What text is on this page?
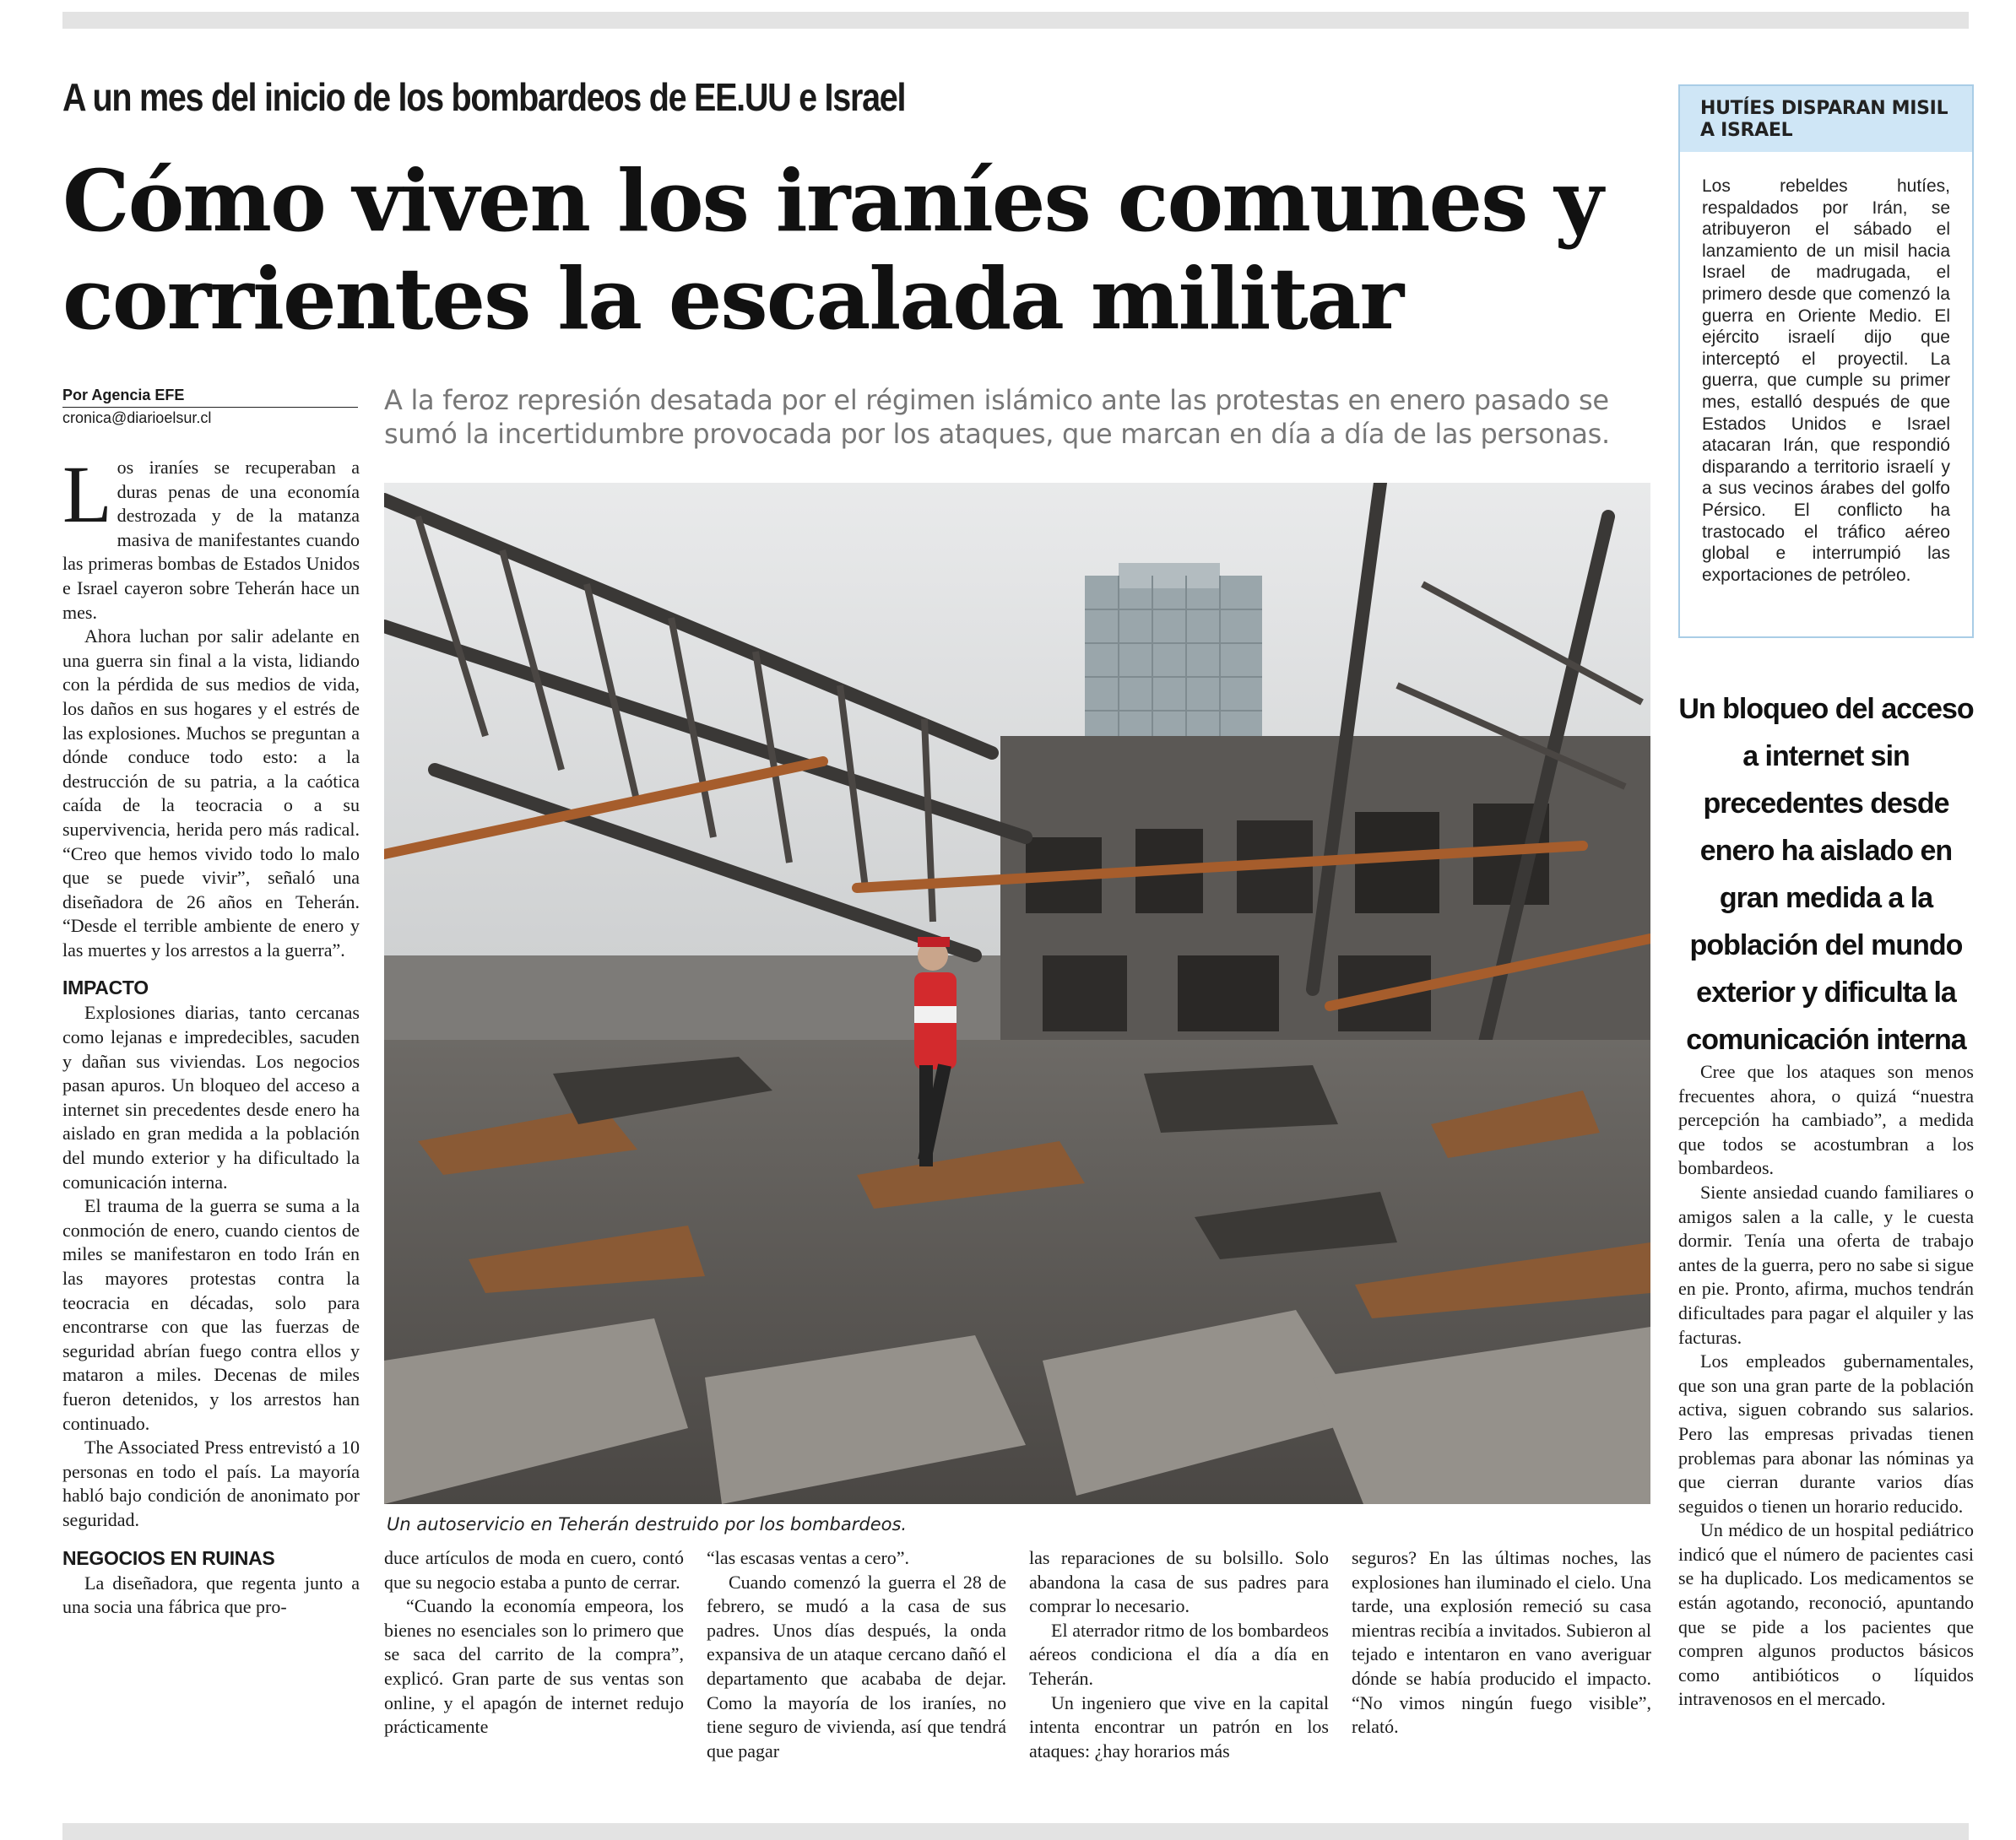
A un mes del inicio de los bombardeos de EE.UU e Israel
Cómo viven los iraníes comunes y
corrientes la escalada militar
Por Agencia EFE
cronica@diarioelsur.cl
A la feroz represión desatada por el régimen islámico ante las protestas en enero pasado se sumó la incertidumbre provocada por los ataques, que marcan en día a día de las personas.

Los iraníes se recuperaban a duras penas de una economía destrozada y de la matanza masiva de manifestantes cuando las primeras bombas de Estados Unidos e Israel cayeron sobre Teherán hace un mes.

Ahora luchan por salir adelante en una guerra sin final a la vista, lidiando con la pérdida de sus medios de vida, los daños en sus hogares y el estrés de las explosiones. Muchos se preguntan a dónde conduce todo esto: a la destrucción de su patria, a la caótica caída de la teocracia o a su supervivencia, herida pero más radical. “Creo que hemos vivido todo lo malo que se puede vivir”, señaló una diseñadora de 26 años en Teherán. “Desde el terrible ambiente de enero y las muertes y los arrestos a la guerra”.

IMPACTO

Explosiones diarias, tanto cercanas como lejanas e impredecibles, sacuden y dañan sus viviendas. Los negocios pasan apuros. Un bloqueo del acceso a internet sin precedentes desde enero ha aislado en gran medida a la población del mundo exterior y ha dificultado la comunicación interna.

El trauma de la guerra se suma a la conmoción de enero, cuando cientos de miles se manifestaron en todo Irán en las mayores protestas contra la teocracia en décadas, solo para encontrarse con que las fuerzas de seguridad abrían fuego contra ellos y mataron a miles. Decenas de miles fueron detenidos, y los arrestos han continuado.

The Associated Press entrevistó a 10 personas en todo el país. La mayoría habló bajo condición de anonimato por seguridad.

NEGOCIOS EN RUINAS

La diseñadora, que regenta junto a una socia una fábrica que pro-

Un autoservicio en Teherán destruido por los bombardeos.

duce artículos de moda en cuero, contó que su negocio estaba a punto de cerrar.

“Cuando la economía empeora, los bienes no esenciales son lo primero que se saca del carrito de la compra”, explicó. Gran parte de sus ventas son online, y el apagón de internet redujo prácticamente

“las escasas ventas a cero”.

Cuando comenzó la guerra el 28 de febrero, se mudó a la casa de sus padres. Unos días después, la onda expansiva de un ataque cercano dañó el departamento que acababa de dejar. Como la mayoría de los iraníes, no tiene seguro de vivienda, así que tendrá que pagar

las reparaciones de su bolsillo. Solo abandona la casa de sus padres para comprar lo necesario.

El aterrador ritmo de los bombardeos aéreos condiciona el día a día en Teherán.

Un ingeniero que vive en la capital intenta encontrar un patrón en los ataques: ¿hay horarios más

seguros? En las últimas noches, las explosiones han iluminado el cielo. Una tarde, una explosión remeció su casa mientras recibía a invitados. Subieron al tejado e intentaron en vano averiguar dónde se había producido el impacto. “No vimos ningún fuego visible”, relató.

HUTÍES DISPARAN MISIL A ISRAEL
Los rebeldes hutíes, respaldados por Irán, se atribuyeron el sábado el lanzamiento de un misil hacia Israel de madrugada, el primero desde que comenzó la guerra en Oriente Medio. El ejército israelí dijo que interceptó el proyectil. La guerra, que cumple su primer mes, estalló después de que Estados Unidos e Israel atacaran Irán, que respondió disparando a territorio israelí y a sus vecinos árabes del golfo Pérsico. El conflicto ha trastocado el tráfico aéreo global e interrumpió las exportaciones de petróleo.
Un bloqueo del acceso a internet sin precedentes desde enero ha aislado en gran medida a la población del mundo exterior y dificulta la comunicación interna

Cree que los ataques son menos frecuentes ahora, o quizá “nuestra percepción ha cambiado”, a medida que todos se acostumbran a los bombardeos.

Siente ansiedad cuando familiares o amigos salen a la calle, y le cuesta dormir. Tenía una oferta de trabajo antes de la guerra, pero no sabe si sigue en pie. Pronto, afirma, muchos tendrán dificultades para pagar el alquiler y las facturas.

Los empleados gubernamentales, que son una gran parte de la población activa, siguen cobrando sus salarios. Pero las empresas privadas tienen problemas para abonar las nóminas ya que cierran durante varios días seguidos o tienen un horario reducido.

Un médico de un hospital pediátrico indicó que el número de pacientes casi se ha duplicado. Los medicamentos se están agotando, reconoció, apuntando que se pide a los pacientes que compren algunos productos básicos como antibióticos o líquidos intravenosos en el mercado.
